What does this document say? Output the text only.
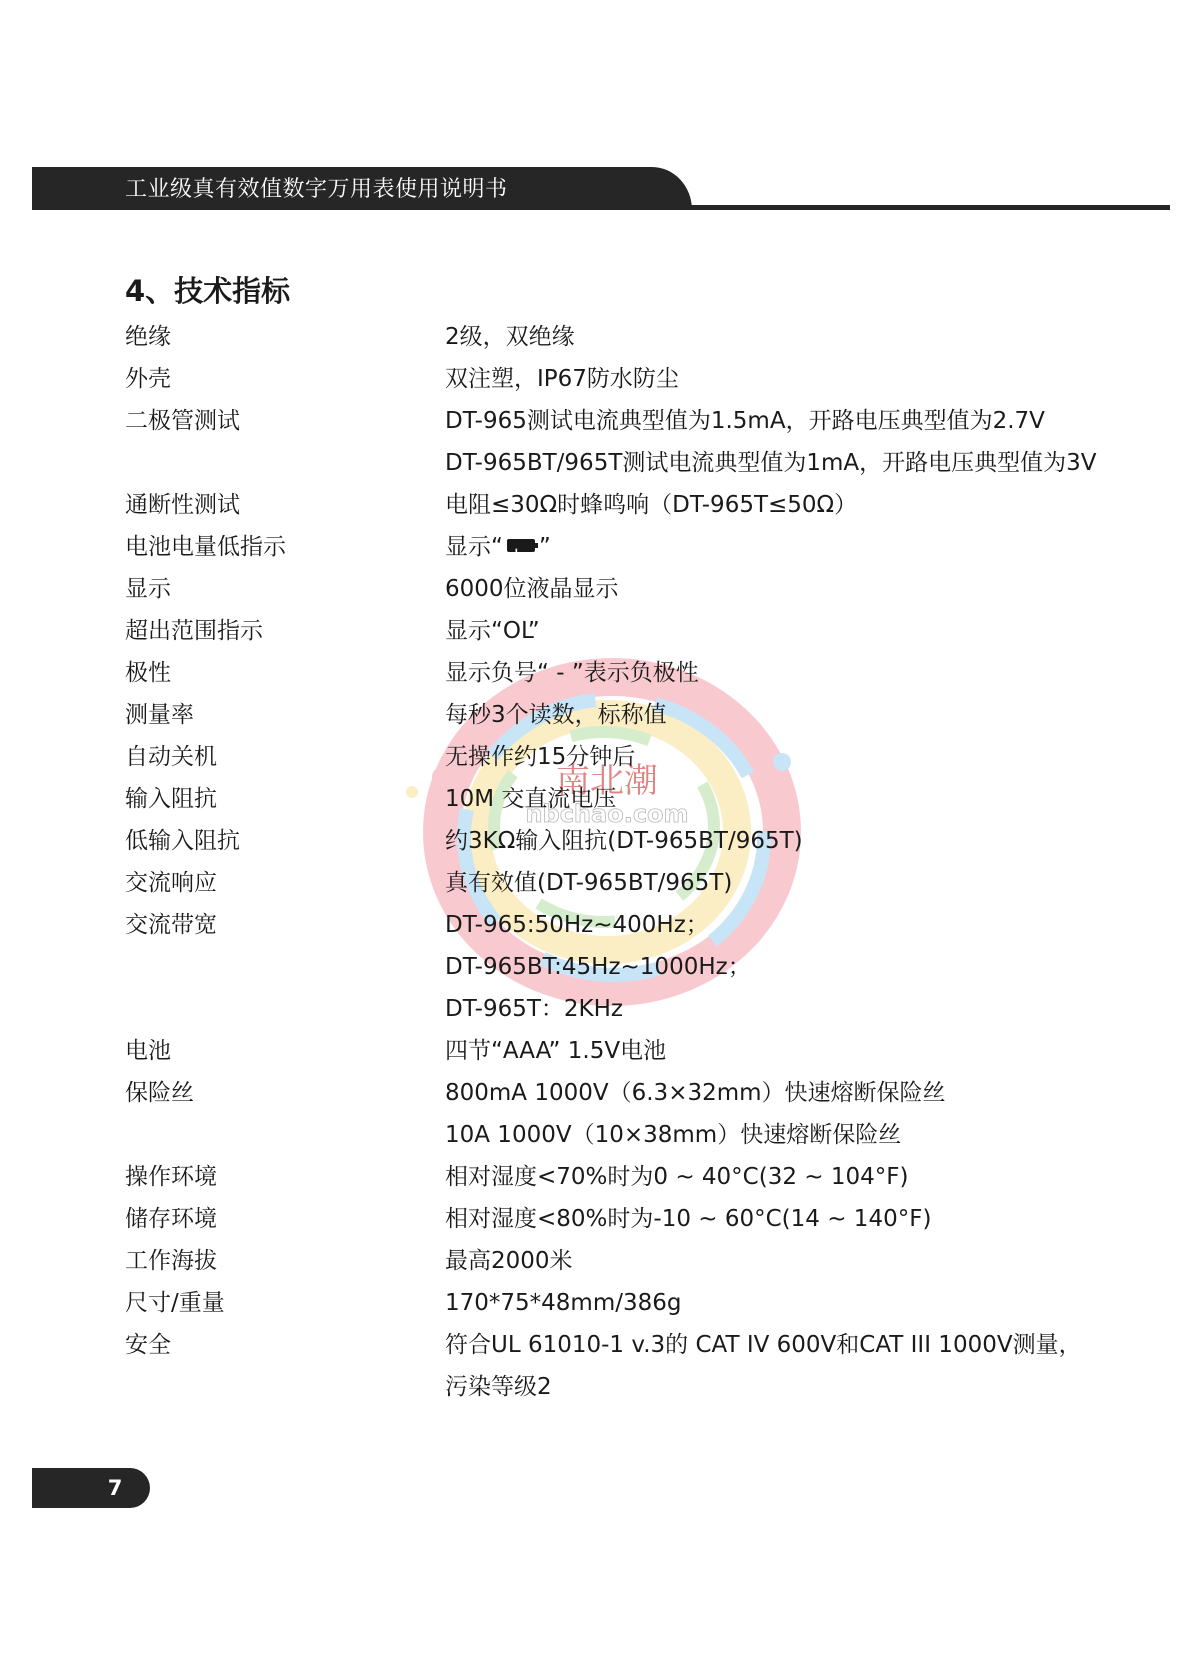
工业级真有效值数字万用表使用说明书
南北潮
nbchao.com
4、技术指标
绝缘	2级，双绝缘
外壳	双注塑，IP67防水防尘
二极管测试	DT-965测试电流典型值为1.5mA，开路电压典型值为2.7V
DT-965BT/965T测试电流典型值为1mA，开路电压典型值为3V
通断性测试	电阻≤30Ω时蜂鸣响（DT-965T≤50Ω）
电池电量低指示	显示“+ ”
显示	6000位液晶显示
超出范围指示	显示“OL”
极性	显示负号“ - ”表示负极性
测量率	每秒3个读数，标称值
自动关机	无操作约15分钟后
输入阻抗	10M 交直流电压
低输入阻抗	约3KΩ输入阻抗(DT-965BT/965T)
交流响应	真有效值(DT-965BT/965T)
交流带宽	DT-965:50Hz~400Hz；
DT-965BT:45Hz~1000Hz；
DT-965T：2KHz
电池	四节“AAA” 1.5V电池
保险丝	800mA 1000V（6.3×32mm）快速熔断保险丝
10A 1000V（10×38mm）快速熔断保险丝
操作环境	相对湿度<70%时为0 ~ 40°C(32 ~ 104°F)
储存环境	相对湿度<80%时为-10 ~ 60°C(14 ~ 140°F)
工作海拔	最高2000米
尺寸/重量	170*75*48mm/386g
安全	符合UL 61010-1 v.3的 CAT IV 600V和CAT III 1000V测量，
污染等级2
7
